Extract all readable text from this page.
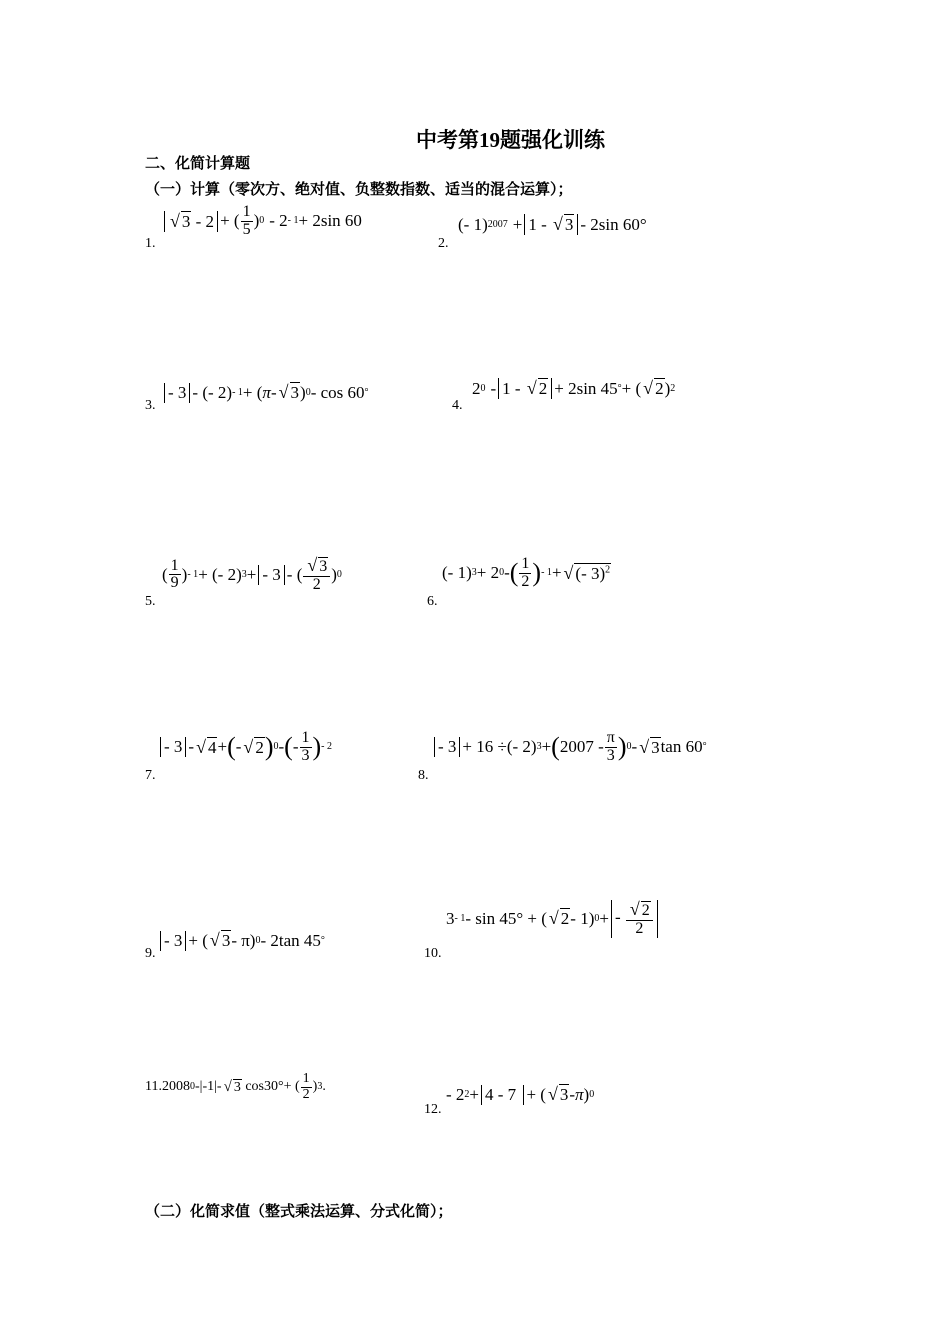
中考第19题强化训练
二、化简计算题
（一）计算（零次方、绝对值、负整数指数、适当的混合运算）；
1.
√ 3 - 2 + ( $\frac{1}{5}$ ) 0 - 2 - 1 + 2sin 60
2.
(- 1) 2007 + 1 - √ 3 - 2sin 60°
3.
- 3 - (- 2) - 1 + ( π - √ 3 ) 0 - cos 60 °
4.
2 0 - 1 - √ 2 + 2sin 45 ° + ( √ 2 ) 2
5.
( $\frac{1}{9}$ ) - 1 + (- 2) 3 + - 3 - ( $\frac{√ 3}{2}$ ) 0
6.
(- 1) 3 + 2 0 - ( $\frac{1}{2}$ ) - 1 + √ (- 3)$^2$
7.
- 3 - √ 4 + ( - √ 2 ) 0 - ( - $\frac{1}{3}$ ) - 2
8.
- 3 + 16 ÷(- 2) 3 + ( $2007 - \frac{\pi}{3}$ ) 0 - √ 3 tan 60 °
9.
- 3 + ( √ 3 - π) 0 - 2tan 45 °
10.
3 - 1 - sin 45° + ( √ 2 - 1) 0 + - $\frac{√ 2}{2}$
11.2008 0 -|-1|- √ 3 cos30°+ ( $\frac{1}{2}$ ) 3 .
12.
- 2 2 + 4 - 7 + ( √ 3 - π ) 0
（二）化简求值（整式乘法运算、分式化简）；
